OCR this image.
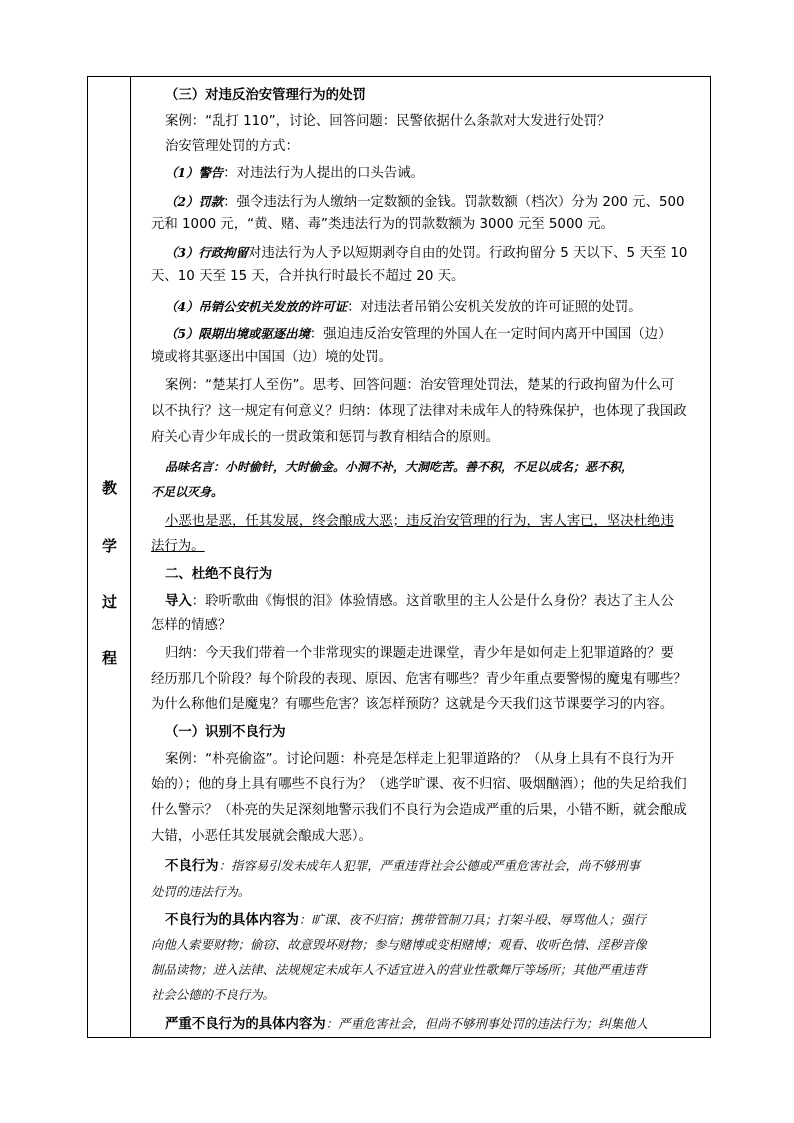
教
学
过
程
（三）对违反治安管理行为的处罚
案例：“乱打 110”，讨论、回答问题：民警依据什么条款对大发进行处罚？
治安管理处罚的方式：
（1）警告：对违法行为人提出的口头告诫。
（2）罚款：强令违法行为人缴纳一定数额的金钱。罚款数额（档次）分为 200 元、500
元和 1000 元，“黄、赌、毒”类违法行为的罚款数额为 3000 元至 5000 元。
（3）行政拘留对违法行为人予以短期剥夺自由的处罚。行政拘留分 5 天以下、5 天至 10
天、10 天至 15 天，合并执行时最长不超过 20 天。
（4）吊销公安机关发放的许可证：对违法者吊销公安机关发放的许可证照的处罚。
（5）限期出境或驱逐出境：强迫违反治安管理的外国人在一定时间内离开中国国（边）
境或将其驱逐出中国国（边）境的处罚。
案例：“楚某打人至伤”。思考、回答问题：治安管理处罚法，楚某的行政拘留为什么可
以不执行？这一规定有何意义？归纳：体现了法律对未成年人的特殊保护，也体现了我国政
府关心青少年成长的一贯政策和惩罚与教育相结合的原则。
品味名言：小时偷针，大时偷金。小洞不补，大洞吃苦。善不积，不足以成名；恶不积，
不足以灭身。
小恶也是恶，任其发展，终会酿成大恶；违反治安管理的行为，害人害已，坚决杜绝违
法行为。
二、杜绝不良行为
导入：聆听歌曲《悔恨的泪》体验情感。这首歌里的主人公是什么身份？表达了主人公
怎样的情感？
归纳：今天我们带着一个非常现实的课题走进课堂，青少年是如何走上犯罪道路的？要
经历那几个阶段？每个阶段的表现、原因、危害有哪些？青少年重点要警惕的魔鬼有哪些？
为什么称他们是魔鬼？有哪些危害？该怎样预防？这就是今天我们这节课要学习的内容。
（一）识别不良行为
案例：“朴亮偷盗”。讨论问题：朴亮是怎样走上犯罪道路的？（从身上具有不良行为开
始的）；他的身上具有哪些不良行为？（逃学旷课、夜不归宿、吸烟酗酒）；他的失足给我们
什么警示？（朴亮的失足深刻地警示我们不良行为会造成严重的后果，小错不断，就会酿成
大错，小恶任其发展就会酿成大恶）。
不良行为：指容易引发未成年人犯罪，严重违背社会公德或严重危害社会，尚不够刑事
处罚的违法行为。
不良行为的具体内容为：旷课、夜不归宿；携带管制刀具；打架斗殴、辱骂他人；强行
向他人索要财物；偷窃、故意毁坏财物；参与赌博或变相赌博；观看、收听色情、淫秽音像
制品读物；进入法律、法规规定未成年人不适宜进入的营业性歌舞厅等场所；其他严重违背
社会公德的不良行为。
严重不良行为的具体内容为：严重危害社会，但尚不够刑事处罚的违法行为；纠集他人
